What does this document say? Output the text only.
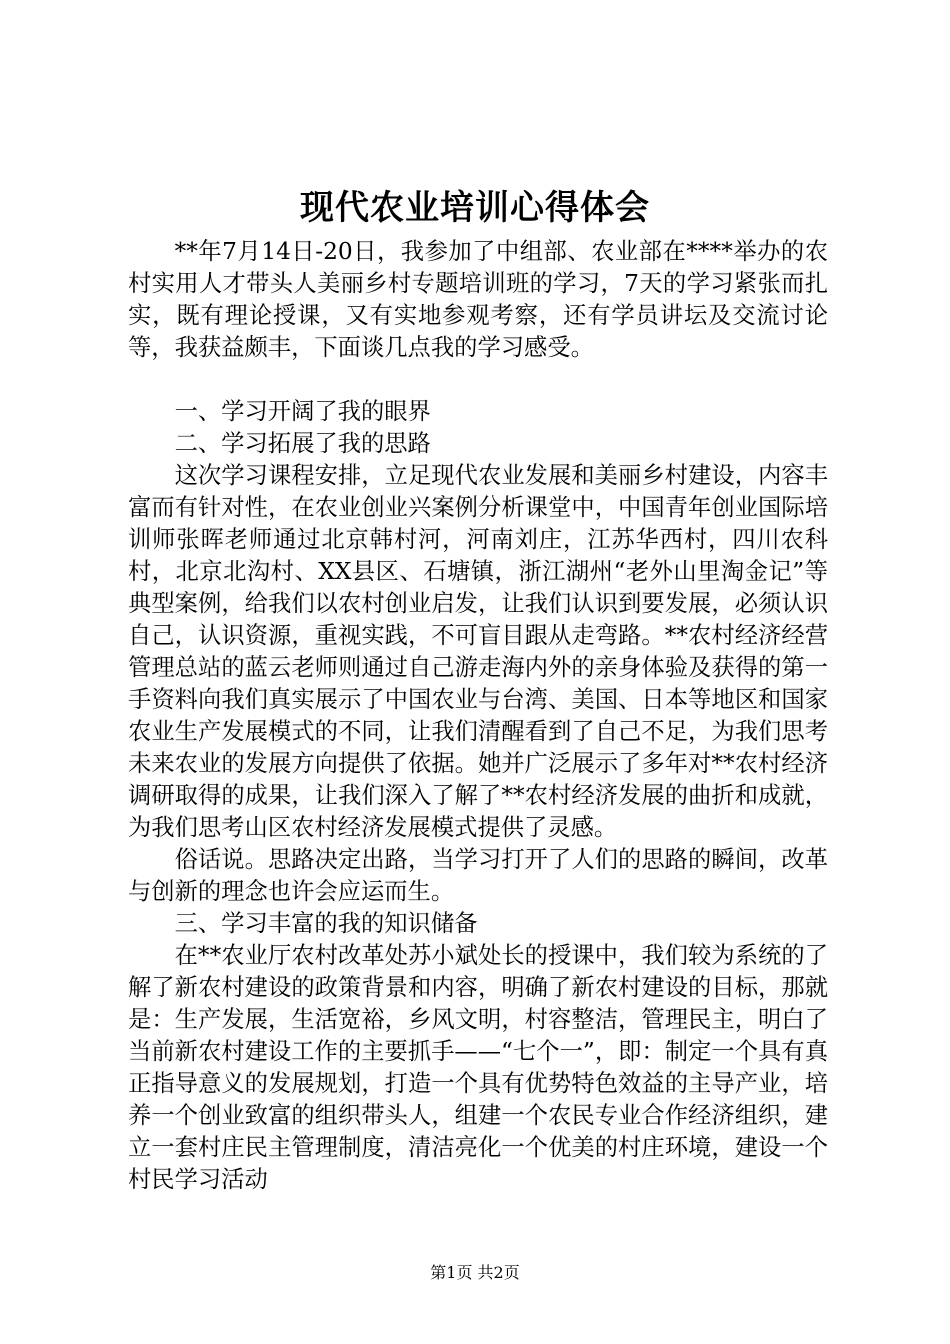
现代农业培训心得体会

**年7月14日-20日，我参加了中组部、农业部在****举办的农村实用人才带头人美丽乡村专题培训班的学习，7天的学习紧张而扎实，既有理论授课，又有实地参观考察，还有学员讲坛及交流讨论等，我获益颇丰，下面谈几点我的学习感受。

一、学习开阔了我的眼界

二、学习拓展了我的思路

这次学习课程安排，立足现代农业发展和美丽乡村建设，内容丰富而有针对性，在农业创业兴案例分析课堂中，中国青年创业国际培训师张晖老师通过北京韩村河，河南刘庄，江苏华西村，四川农科村，北京北沟村、XX县区、石塘镇，浙江湖州“老外山里淘金记”等典型案例，给我们以农村创业启发，让我们认识到要发展，必须认识自己，认识资源，重视实践，不可盲目跟从走弯路。**农村经济经营管理总站的蓝云老师则通过自己游走海内外的亲身体验及获得的第一手资料向我们真实展示了中国农业与台湾、美国、日本等地区和国家农业生产发展模式的不同，让我们清醒看到了自己不足，为我们思考未来农业的发展方向提供了依据。她并广泛展示了多年对**农村经济调研取得的成果，让我们深入了解了**农村经济发展的曲折和成就，为我们思考山区农村经济发展模式提供了灵感。

俗话说。思路决定出路，当学习打开了人们的思路的瞬间，改革与创新的理念也许会应运而生。

三、学习丰富的我的知识储备

在**农业厅农村改革处苏小斌处长的授课中，我们较为系统的了解了新农村建设的政策背景和内容，明确了新农村建设的目标，那就是：生产发展，生活宽裕，乡风文明，村容整洁，管理民主，明白了当前新农村建设工作的主要抓手——“七个一”，即：制定一个具有真正指导意义的发展规划，打造一个具有优势特色效益的主导产业，培养一个创业致富的组织带头人，组建一个农民专业合作经济组织，建立一套村庄民主管理制度，清洁亮化一个优美的村庄环境，建设一个村民学习活动

第1页 共2页
